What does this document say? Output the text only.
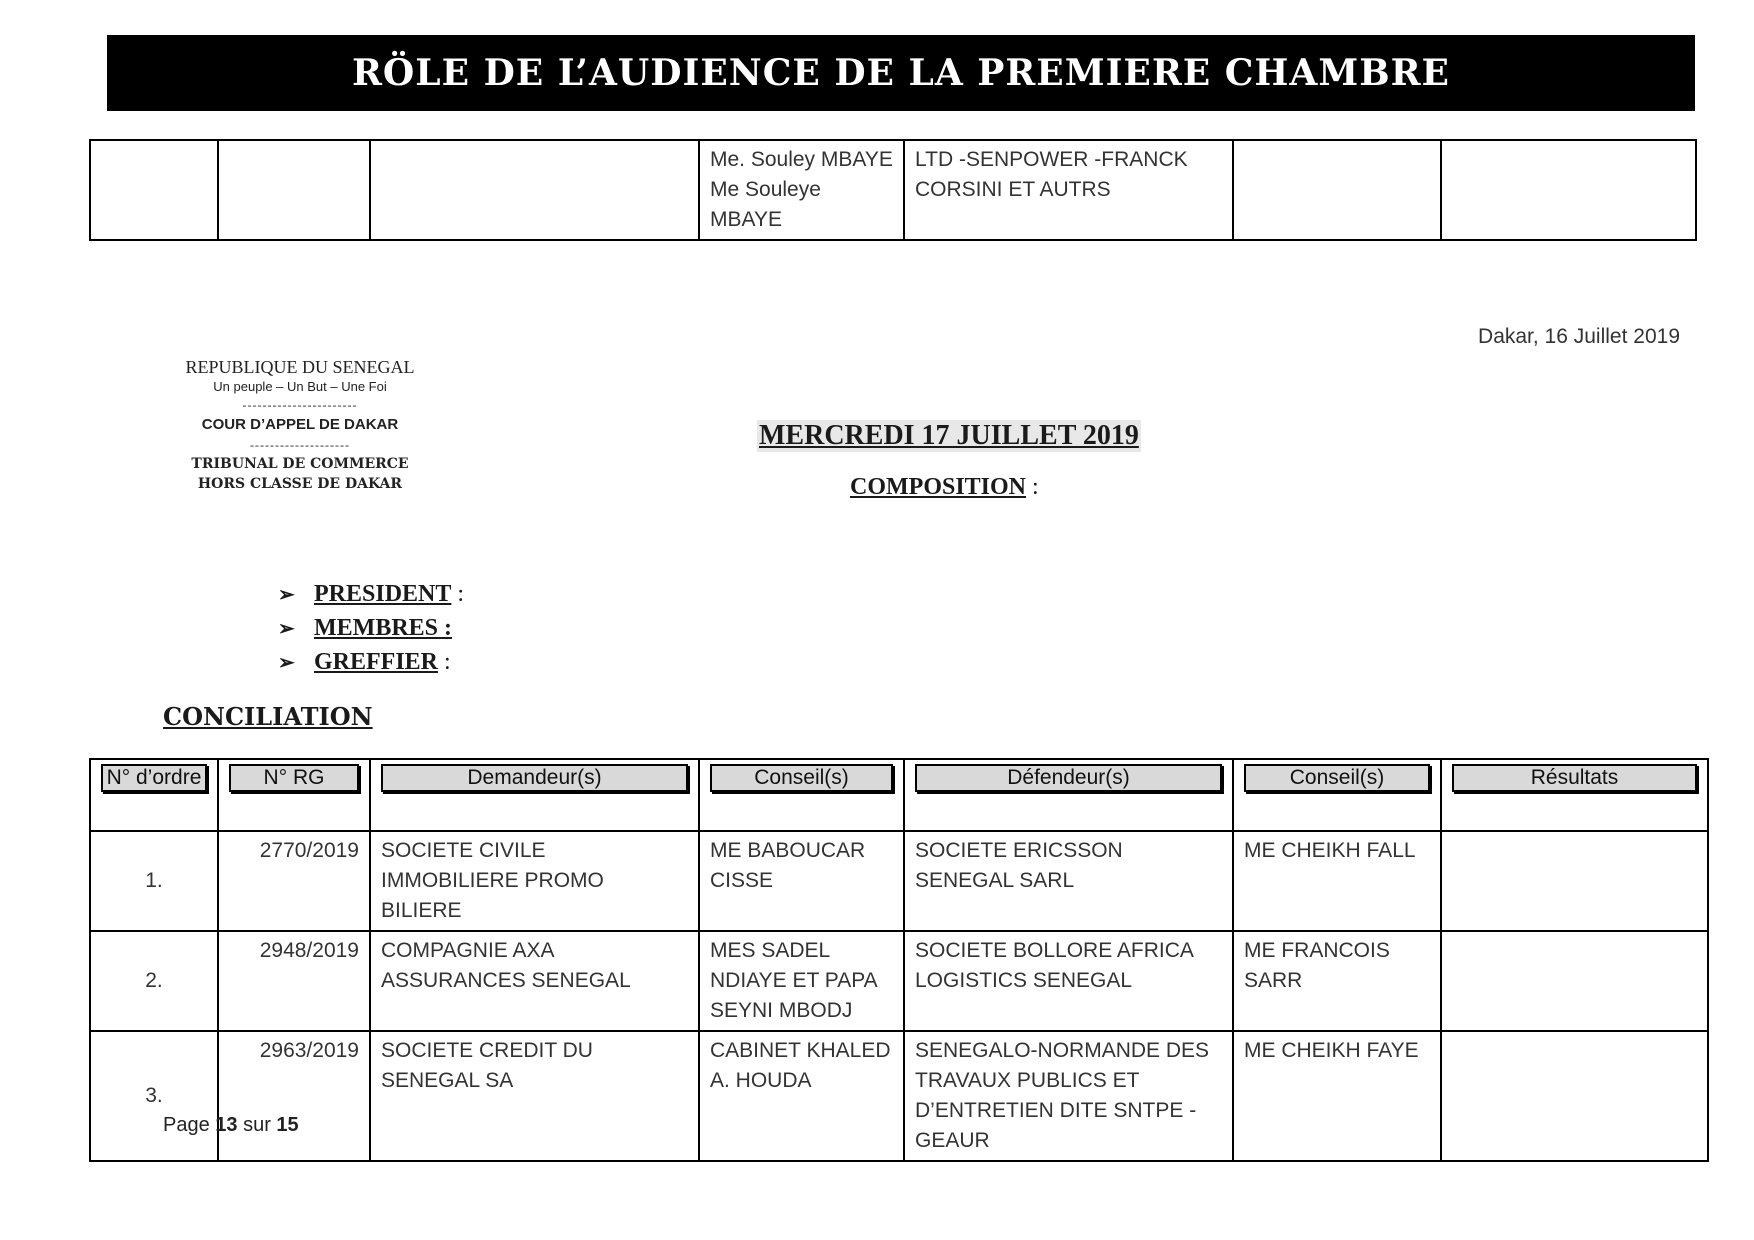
RÖLE DE L’AUDIENCE DE LA PREMIERE CHAMBRE
			Me. Souley MBAYE Me Souleye MBAYE	LTD -SENPOWER -FRANCK CORSINI ET AUTRS		
Dakar, 16 Juillet 2019
REPUBLIQUE DU SENEGAL
Un peuple – Un But – Une Foi
-----------------------
COUR D’APPEL DE DAKAR
--------------------
TRIBUNAL DE COMMERCE
HORS CLASSE DE DAKAR
MERCREDI 17 JUILLET 2019
COMPOSITION :
➢ PRESIDENT :
➢ MEMBRES :
➢ GREFFIER :
CONCILIATION
N° d’ordre	N° RG	Demandeur(s)	Conseil(s)	Défendeur(s)	Conseil(s)	Résultats

1.	2770/2019	SOCIETE CIVILE IMMOBILIERE PROMO BILIERE	ME BABOUCAR CISSE	SOCIETE ERICSSON SENEGAL SARL	ME CHEIKH FALL	
2.	2948/2019	COMPAGNIE AXA ASSURANCES SENEGAL	MES SADEL NDIAYE ET PAPA SEYNI MBODJ	SOCIETE BOLLORE AFRICA LOGISTICS SENEGAL	ME FRANCOIS SARR	
3.	2963/2019	SOCIETE CREDIT DU SENEGAL SA	CABINET KHALED A. HOUDA	SENEGALO-NORMANDE DES TRAVAUX PUBLICS ET D’ENTRETIEN DITE SNTPE -GEAUR	ME CHEIKH FAYE	
Page 13 sur 15
